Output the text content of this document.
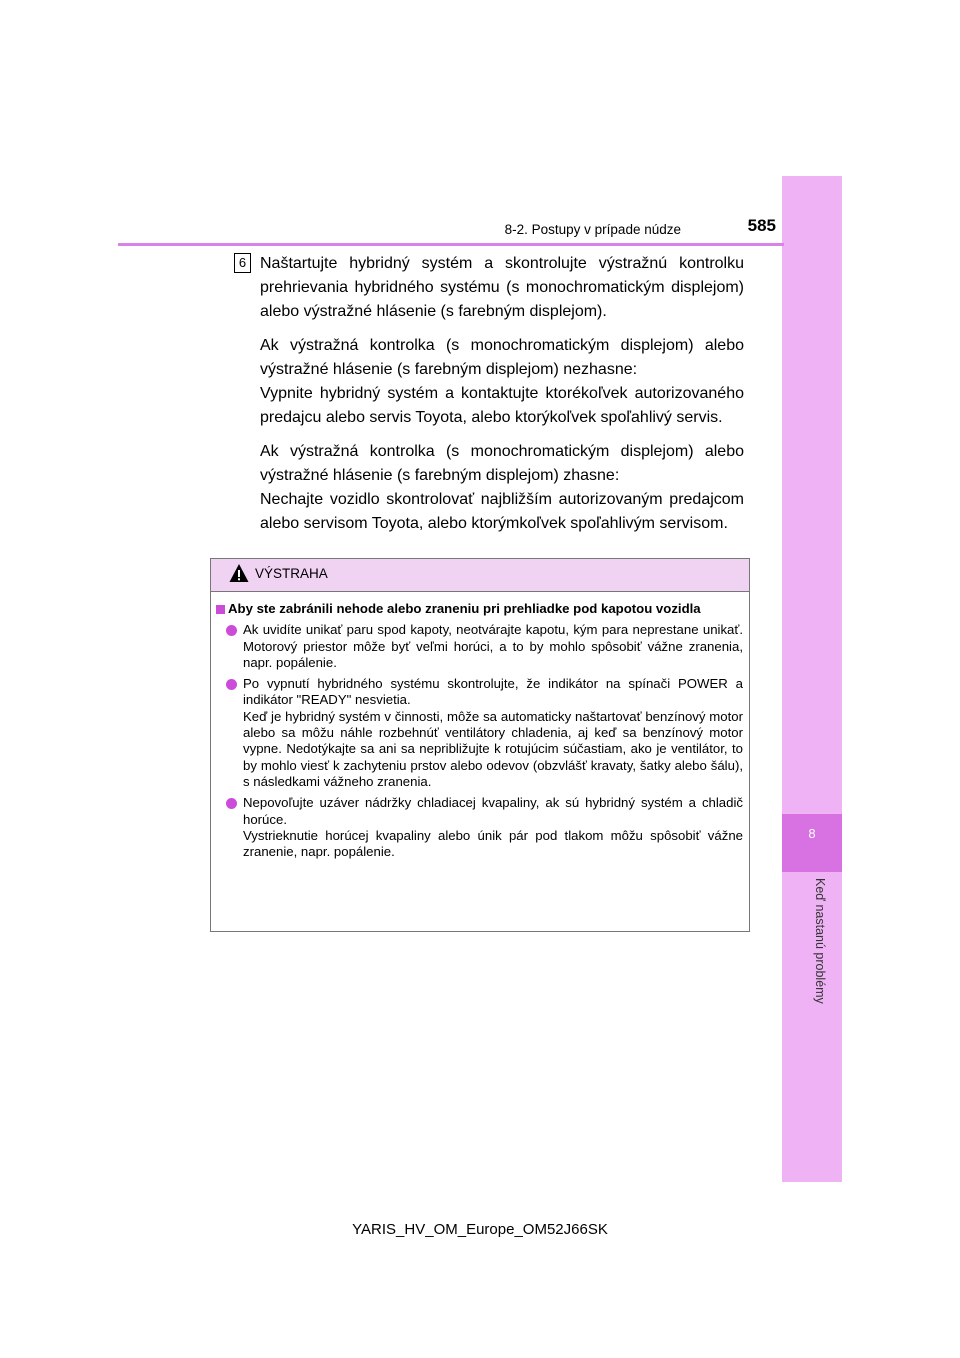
8
Keď nastanú problémy
8-2. Postupy v prípade núdze	585
6 Naštartujte hybridný systém a skontrolujte výstražnú kontrolku prehrievania hybridného systému (s monochromatickým displejom) alebo výstražné hlásenie (s farebným displejom).

Ak výstražná kontrolka (s monochromatickým displejom) alebo výstražné hlásenie (s farebným displejom) nezhasne:

Vypnite hybridný systém a kontaktujte ktorékoľvek autorizovaného predajcu alebo servis Toyota, alebo ktorýkoľvek spoľahlivý servis.

Ak výstražná kontrolka (s monochromatickým displejom) alebo výstražné hlásenie (s farebným displejom) zhasne:

Nechajte vozidlo skontrolovať najbližším autorizovaným predajcom alebo servisom Toyota, alebo ktorýmkoľvek spoľahlivým servisom.

VÝSTRAHA
Aby ste zabránili nehode alebo zraneniu pri prehliadke pod kapotou vozidla

Ak uvidíte unikať paru spod kapoty, neotvárajte kapotu, kým para neprestane unikať. Motorový priestor môže byť veľmi horúci, a to by mohlo spôsobiť vážne zranenia, napr. popálenie.

Po vypnutí hybridného systému skontrolujte, že indikátor na spínači POWER a indikátor "READY" nesvietia.

Keď je hybridný systém v činnosti, môže sa automaticky naštartovať benzínový motor alebo sa môžu náhle rozbehnúť ventilátory chladenia, aj keď sa benzínový motor vypne. Nedotýkajte sa ani sa nepribližujte k rotujúcim súčastiam, ako je ventilátor, to by mohlo viesť k zachyteniu prstov alebo odevov (obzvlášť kravaty, šatky alebo šálu), s následkami vážneho zranenia.

Nepovoľujte uzáver nádržky chladiacej kvapaliny, ak sú hybridný systém a chladič horúce.

Vystrieknutie horúcej kvapaliny alebo únik pár pod tlakom môžu spôsobiť vážne zranenie, napr. popálenie.

YARIS_HV_OM_Europe_OM52J66SK
